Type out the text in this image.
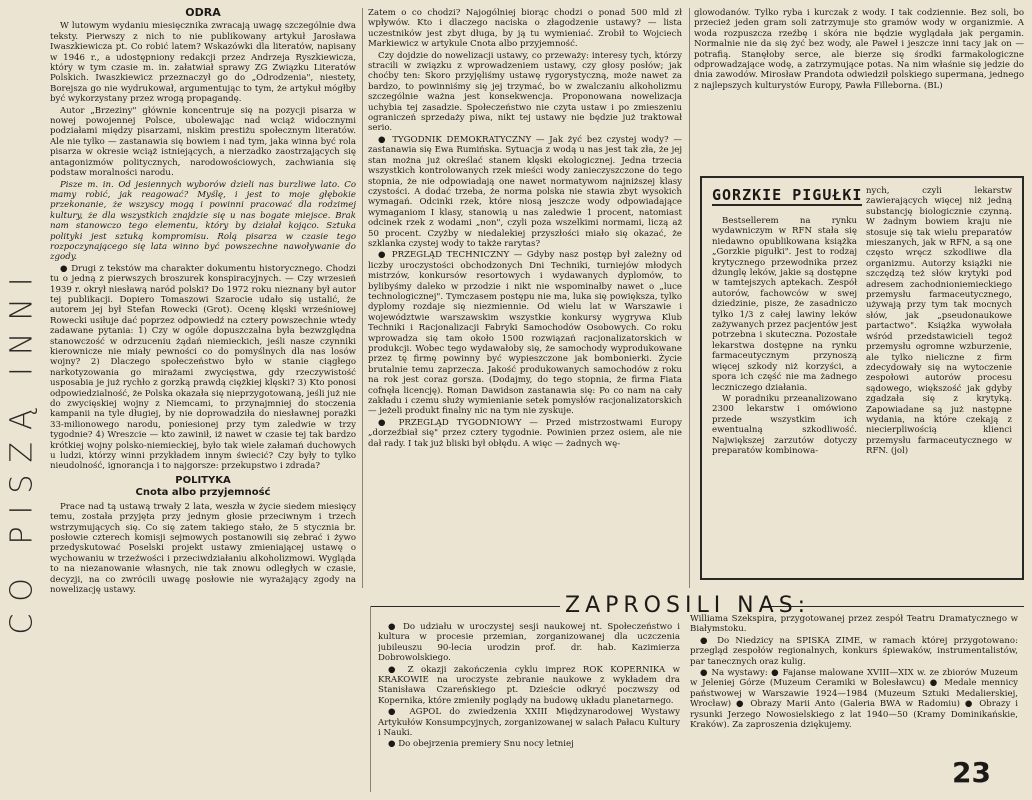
CO PISZĄ INNI
ODRA

W lutowym wydaniu miesięcznika zwracają uwagę szczególnie dwa teksty. Pierwszy z nich to nie publikowany artykuł Jarosława Iwaszkiewicza pt. Co robić latem? Wskazówki dla literatów, napisany w 1946 r., a udostępniony redakcji przez Andrzeja Ryszkiewicza, który w tym czasie m. in. załatwiał sprawy ZG Związku Literatów Polskich. Iwaszkiewicz przeznaczył go do „Odrodzenia", niestety, Borejsza go nie wydrukował, argumentując to tym, że artykuł mógłby być wykorzystany przez wrogą propagandę.

Autor „Brzeziny" głównie koncentruje się na pozycji pisarza w nowej powojennej Polsce, ubolewając nad wciąż widocznymi podziałami między pisarzami, niskim prestiżu społecznym literatów. Ale nie tylko — zastanawia się bowiem i nad tym, jaka winna być rola pisarza w okresie wciąż istniejących, a nierzadko zaostrzających się antagonizmów politycznych, narodowościowych, zachwiania się podstaw moralności narodu.

Pisze m. in. Od jesiennych wyborów dzieli nas burzliwe lato. Co mamy robić, jak reagować? Myślę, i jest to moje głębokie przekonanie, że wszyscy mogą i powinni pracować dla rodzimej kultury, że dla wszystkich znajdzie się u nas bogate miejsce. Brak nam stanowczo tego elementu, który by działał kojąco. Sztuka polityki jest sztuką kompromisu. Rolą pisarza w czasie tego rozpoczynającego się lata winno być powszechne nawoływanie do zgody.

● Drugi z tekstów ma charakter dokumentu historycznego. Chodzi tu o jedną z pierwszych broszurek konspiracyjnych. — Czy wrzesień 1939 r. okrył niesławą naród polski? Do 1972 roku nieznany był autor tej publikacji. Dopiero Tomaszowi Szarocie udało się ustalić, że autorem jej był Stefan Rowecki (Grot). Ocenę klęski wrześniowej Rowecki usiłuje dać poprzez odpowiedź na cztery powszechnie wtedy zadawane pytania: 1) Czy w ogóle dopuszczalna była bezwzględna stanowczość w odrzuceniu żądań niemieckich, jeśli nasze czynniki kierownicze nie miały pewności co do pomyślnych dla nas losów wojny? 2) Dlaczego społeczeństwo było w stanie ciągłego narkotyzowania go mirażami zwycięstwa, gdy rzeczywistość usposabia je już rychło z gorzką prawdą ciężkiej klęski? 3) Kto ponosi odpowiedzialność, że Polska okazała się nieprzygotowaną, jeśli już nie do zwycięskiej wojny z Niemcami, to przynajmniej do stoczenia kampanii na tyle długiej, by nie doprowadziła do niesławnej porażki 33-milionowego narodu, poniesionej przy tym zaledwie w trzy tygodnie? 4) Wreszcie — kto zawinił, iż nawet w czasie tej tak bardzo krótkiej wojny polsko-niemieckiej, było tak wiele załamań duchowych u ludzi, którzy winni przykładem innym świecić? Czy były to tylko nieudolność, ignorancja i to najgorsze: przekupstwo i zdrada?

POLITYKA
Cnota albo przyjemność

Prace nad tą ustawą trwały 2 lata, weszła w życie siedem miesięcy temu, została przyjęta przy jednym głosie przeciwnym i trzech wstrzymujących się. Co się zatem takiego stało, że 5 stycznia br. posłowie czterech komisji sejmowych postanowili się zebrać i żywo przedyskutować Poselski projekt ustawy zmieniającej ustawę o wychowaniu w trzeźwości i przeciwdziałaniu alkoholizmowi. Wygląda to na niezanowanie własnych, nie tak znowu odległych w czasie, decyzji, na co zwrócili uwagę posłowie nie wyrażający zgody na nowelizację ustawy.

Zatem o co chodzi? Najogólniej biorąc chodzi o ponad 500 mld zł wpływów. Kto i dlaczego naciska o złagodzenie ustawy? — lista uczestników jest zbyt długa, by ją tu wymieniać. Zrobił to Wojciech Markiewicz w artykule Cnota albo przyjemność.

Czy dojdzie do nowelizacji ustawy, co przeważy: interesy tych, którzy stracili w związku z wprowadzeniem ustawy, czy głosy posłów; jak choćby ten: Skoro przyjęliśmy ustawę rygorystyczną, może nawet za bardzo, to powinniśmy się jej trzymać, bo w zwalczaniu alkoholizmu szczególnie ważna jest konsekwencja. Proponowana nowelizacja uchybia tej zasadzie. Społeczeństwo nie czyta ustaw i po zmieszeniu ograniczeń sprzedaży piwa, nikt tej ustawy nie będzie już traktował serio.

● TYGODNIK DEMOKRATYCZNY — Jak żyć bez czystej wody? — zastanawia się Ewa Rumińska. Sytuacja z wodą u nas jest tak zła, że jej stan można już określać stanem klęski ekologicznej. Jedna trzecia wszystkich kontrolowanych rzek mieści wody zanieczyszczone do tego stopnia, że nie odpowiadają one nawet normatywom najniższej klasy czystości. A dodać trzeba, że norma polska nie stawia zbyt wysokich wymagań. Odcinki rzek, które niosą jeszcze wody odpowiadające wymaganiom I klasy, stanowią u nas zaledwie 1 procent, natomiast odcinek rzek z wodami „non", czyli poza wszelkimi normami, liczą aż 50 procent. Czyżby w niedalekiej przyszłości miało się okazać, że szklanka czystej wody to także rarytas?

● PRZEGLĄD TECHNICZNY — Gdyby nasz postęp był zależny od liczby uroczystości obchodzonych Dni Techniki, turniejów młodych mistrzów, konkursów resortowych i wydawanych dyplomów, to bylibyśmy daleko w przodzie i nikt nie wspominałby nawet o „luce technologicznej". Tymczasem postępu nie ma, luka się powiększa, tylko dyplomy rozdaje się niezmiennie. Od wielu lat w Warszawie i województwie warszawskim wszystkie konkursy wygrywa Klub Techniki i Racjonalizacji Fabryki Samochodów Osobowych. Co roku wprowadza się tam około 1500 rozwiązań racjonalizatorskich w produkcji. Wobec tego wydawałoby się, że samochody wyprodukowane przez tę firmę powinny być wypieszczone jak bombonierki. Życie brutalnie temu zaprzecza. Jakość produkowanych samochodów z roku na rok jest coraz gorsza. (Dodajmy, do tego stopnia, że firma Fiata cofnęła licencję). Roman Dawidson zastanawia się: Po co nam na cały zakładu i czemu służy wymienianie setek pomysłów racjonalizatorskich — jeżeli produkt finalny nic na tym nie zyskuje.

● PRZEGLĄD TYGODNIOWY — Przed mistrzostwami Europy „dorzeźbiał się" przez cztery tygodnie. Powinien przez osiem, ale nie dał rady. I tak już bliski był obłędu. A więc — żadnych wę-

glowodanów. Tylko ryba i kurczak z wody. I tak codziennie. Bez soli, bo przecież jeden gram soli zatrzymuje sto gramów wody w organizmie. A woda rozpuszcza rzeźbę i skóra nie będzie wyglądała jak pergamin. Normalnie nie da się żyć bez wody, ale Paweł i jeszcze inni tacy jak on — potrafią. Stanęłoby serce, ale bierze się środki farmakologiczne odprowadzające wodę, a zatrzymujące potas. Na nim właśnie się jedzie do dnia zawodów. Mirosław Prandota odwiedził polskiego supermana, jednego z najlepszych kulturystów Europy, Pawła Filleborna. (BL)

GORZKIE PIGUŁKI

Bestsellerem na rynku wydawniczym w RFN stała się niedawno opublikowana książka „Gorzkie pigułki". Jest to rodzaj krytycznego przewodnika przez dżunglę leków, jakie są dostępne w tamtejszych aptekach. Zespół autorów, fachowców w swej dziedzinie, pisze, że zasadniczo tylko 1/3 z całej lawiny leków zażywanych przez pacjentów jest potrzebna i skuteczna. Pozostałe lekarstwa dostępne na rynku farmaceutycznym przynoszą więcej szkody niż korzyści, a spora ich część nie ma żadnego leczniczego działania.

W poradniku przeanalizowano 2300 lekarstw i omówiono przede wszystkim ich ewentualną szkodliwość. Największej zarzutów dotyczy preparatów kombinowa-

nych, czyli lekarstw zawierających więcej niż jedną substancję biologicznie czynną. W żadnym bowiem kraju nie stosuje się tak wielu preparatów mieszanych, jak w RFN, a są one często wręcz szkodliwe dla organizmu. Autorzy książki nie szczędzą też słów krytyki pod adresem zachodnioniemieckiego przemysłu farmaceutycznego, używają przy tym tak mocnych słów, jak „pseudonaukowe partactwo". Książka wywołała wśród przedstawicieli tegoż przemysłu ogromne wzburzenie, ale tylko nieliczne z firm zdecydowały się na wytoczenie zespołowi autorów procesu sądowego, większość jak gdyby zgadzała się z krytyką. Zapowiadane są już następne wydania, na które czekają z niecierpliwością klienci przemysłu farmaceutycznego w RFN. (jol)

ZAPROSILI NAS:

● Do udziału w uroczystej sesji naukowej nt. Społeczeństwo i kultura w procesie przemian, zorganizowanej dla uczczenia jubileuszu 90-lecia urodzin prof. dr. hab. Kazimierza Dobrowolskiego.

● Z okazji zakończenia cyklu imprez ROK KOPERNIKA w KRAKOWIE na uroczyste zebranie naukowe z wykładem dra Stanisława Czareńskiego pt. Dzieście odkryć poczwszy od Kopernika, które zmieniły poglądy na budowę układu planetarnego.

● AGPOL do zwiedzenia XXIII Międzynarodowej Wystawy Artykułów Konsumpcyjnych, zorganizowanej w salach Pałacu Kultury i Nauki.

● Do obejrzenia premiery Snu nocy letniej

Williama Szekspira, przygotowanej przez zespół Teatru Dramatycznego w Białymstoku.

● Do Niedzicy na SPISKA ZIME, w ramach której przygotowano: przegląd zespołów regionalnych, konkurs śpiewaków, instrumentalistów, par tanecznych oraz kulig.

● Na wystawy: ● Fajanse malowane XVIII—XIX w. ze zbiorów Muzeum w Jeleniej Górze (Muzeum Ceramiki w Bolesławcu) ● Medale mennicy państwowej w Warszawie 1924—1984 (Muzeum Sztuki Medalierskiej, Wrocław) ● Obrazy Marii Anto (Galeria BWA w Radomiu) ● Obrazy i rysunki Jerzego Nowosielskiego z lat 1940—50 (Kramy Dominikańskie, Kraków). Za zaproszenia dziękujemy.

23
